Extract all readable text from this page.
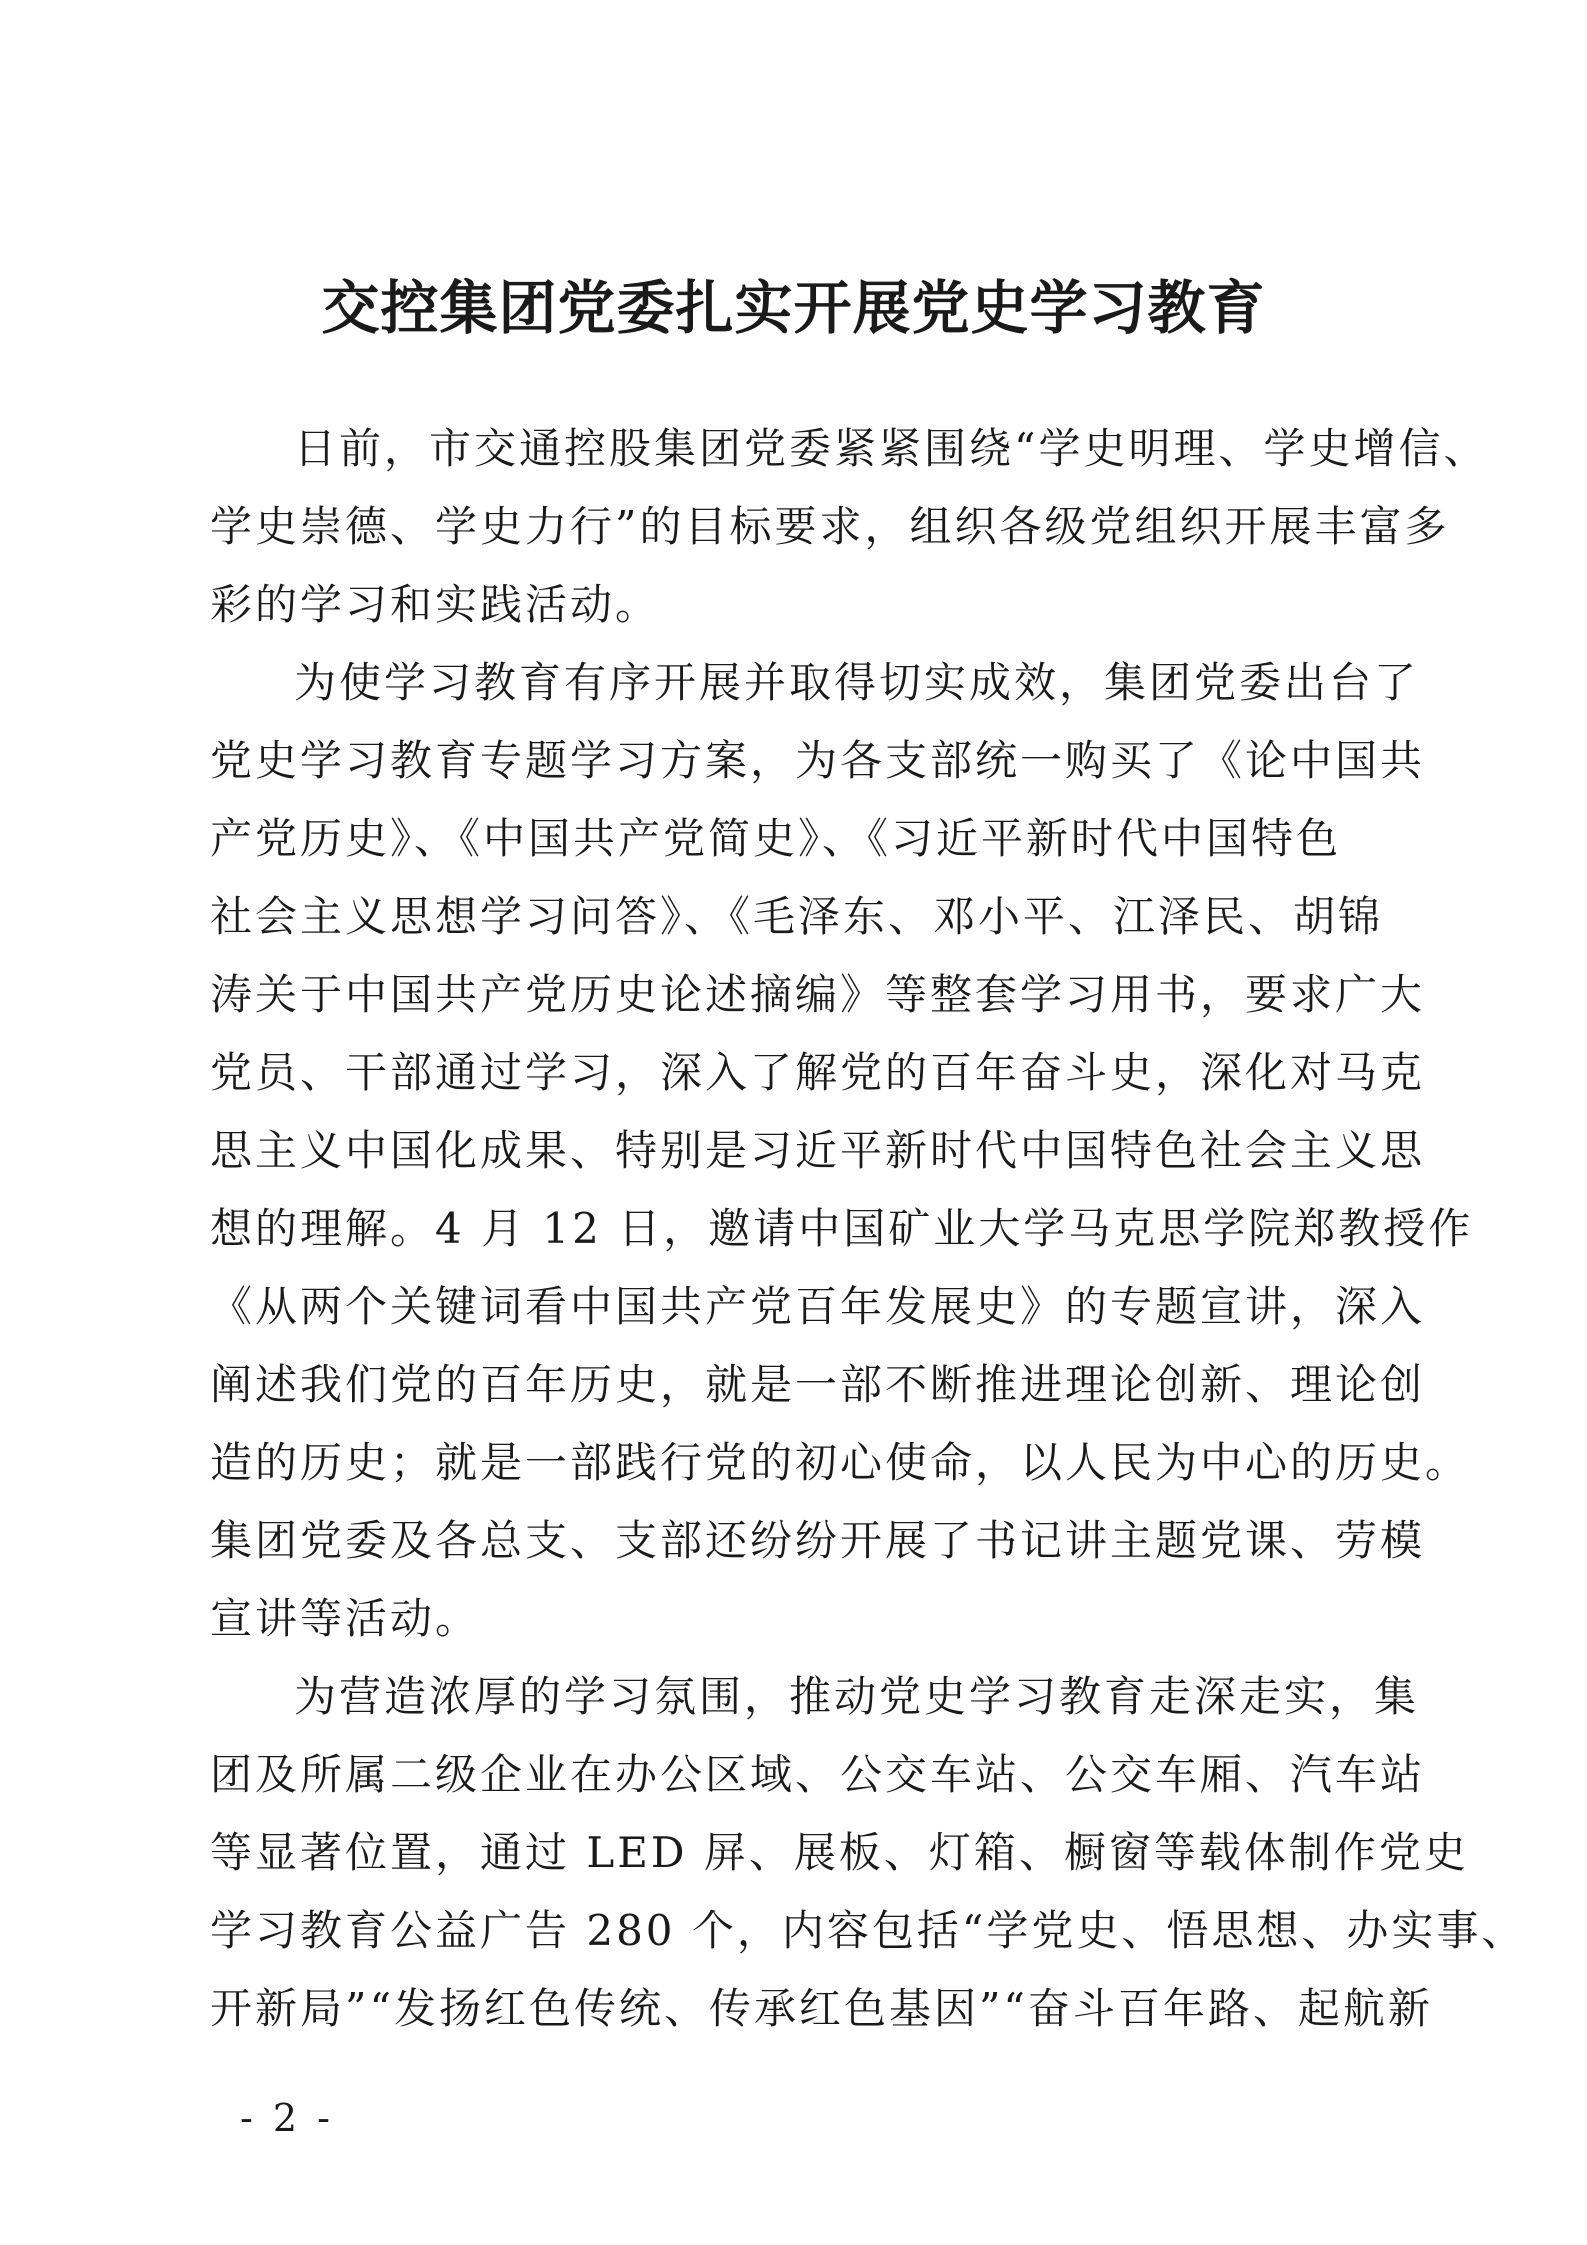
交控集团党委扎实开展党史学习教育
日前，市交通控股集团党委紧紧围绕“学史明理、学史增信、
学史崇德、学史力行”的目标要求，组织各级党组织开展丰富多
彩的学习和实践活动。
为使学习教育有序开展并取得切实成效，集团党委出台了
党史学习教育专题学习方案，为各支部统一购买了《论中国共
产党历史》、《中国共产党简史》、《习近平新时代中国特色
社会主义思想学习问答》、《毛泽东、邓小平、江泽民、胡锦
涛关于中国共产党历史论述摘编》等整套学习用书，要求广大
党员、干部通过学习，深入了解党的百年奋斗史，深化对马克
思主义中国化成果、特别是习近平新时代中国特色社会主义思
想的理解。4 月 12 日，邀请中国矿业大学马克思学院郑教授作
《从两个关键词看中国共产党百年发展史》的专题宣讲，深入
阐述我们党的百年历史，就是一部不断推进理论创新、理论创
造的历史；就是一部践行党的初心使命，以人民为中心的历史。
集团党委及各总支、支部还纷纷开展了书记讲主题党课、劳模
宣讲等活动。
为营造浓厚的学习氛围，推动党史学习教育走深走实，集
团及所属二级企业在办公区域、公交车站、公交车厢、汽车站
等显著位置，通过 LED 屏、展板、灯箱、橱窗等载体制作党史
学习教育公益广告 280 个，内容包括“学党史、悟思想、办实事、
开新局”“发扬红色传统、传承红色基因”“奋斗百年路、起航新
- 2 -
